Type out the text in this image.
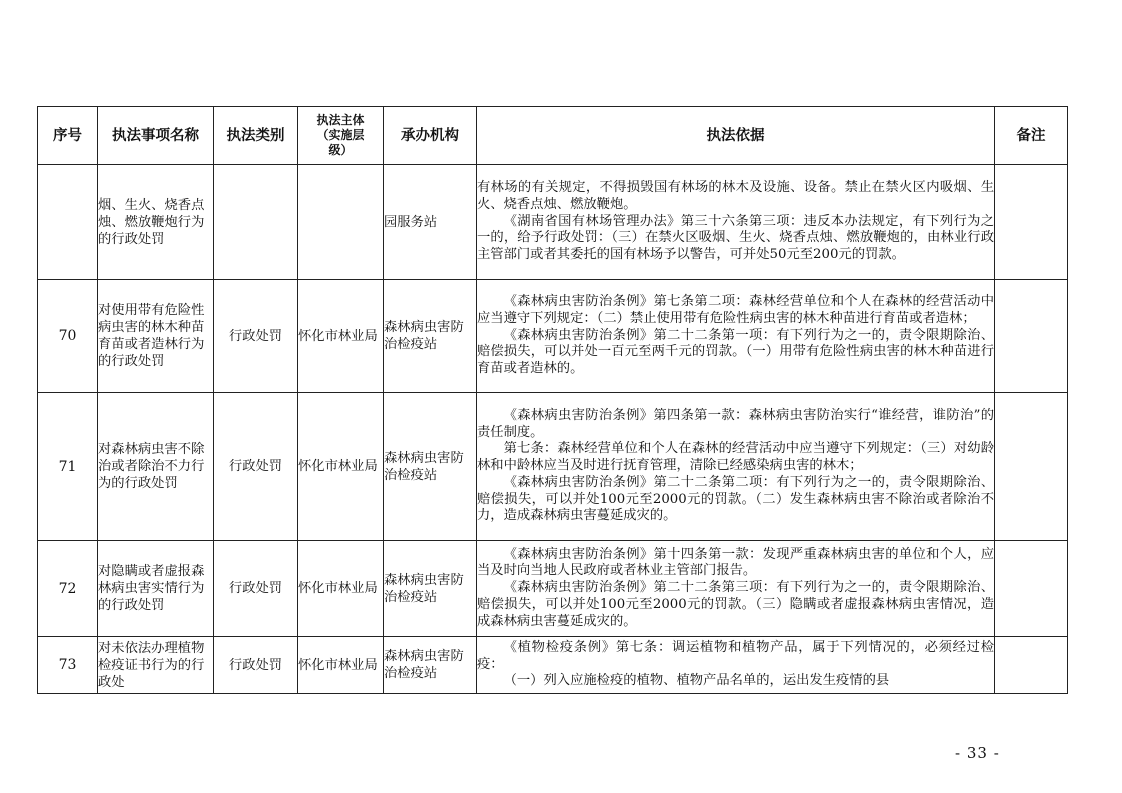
序号	执法事项名称	执法类别	执法主体（实施层级）	承办机构	执法依据	备注
	烟、生火、烧香点烛、燃放鞭炮行为的行政处罚			园服务站	有林场的有关规定，不得损毁国有林场的林木及设施、设备。禁止在禁火区内吸烟、生火、烧香点烛、燃放鞭炮。
《湖南省国有林场管理办法》第三十六条第三项：违反本办法规定，有下列行为之一的，给予行政处罚：（三）在禁火区吸烟、生火、烧香点烛、燃放鞭炮的，由林业行政主管部门或者其委托的国有林场予以警告，可并处50元至200元的罚款。	

70	对使用带有危险性病虫害的林木种苗育苗或者造林行为的行政处罚	行政处罚	怀化市林业局	森林病虫害防治检疫站	《森林病虫害防治条例》第七条第二项：森林经营单位和个人在森林的经营活动中应当遵守下列规定：（二）禁止使用带有危险性病虫害的林木种苗进行育苗或者造林；
《森林病虫害防治条例》第二十二条第一项：有下列行为之一的，责令限期除治、赔偿损失，可以并处一百元至两千元的罚款。（一）用带有危险性病虫害的林木种苗进行育苗或者造林的。	

71	对森林病虫害不除治或者除治不力行为的行政处罚	行政处罚	怀化市林业局	森林病虫害防治检疫站	《森林病虫害防治条例》第四条第一款：森林病虫害防治实行“谁经营，谁防治”的责任制度。
第七条：森林经营单位和个人在森林的经营活动中应当遵守下列规定：（三）对幼龄林和中龄林应当及时进行抚育管理，清除已经感染病虫害的林木；
《森林病虫害防治条例》第二十二条第二项：有下列行为之一的，责令限期除治、赔偿损失，可以并处100元至2000元的罚款。（二）发生森林病虫害不除治或者除治不力，造成森林病虫害蔓延成灾的。	

72	对隐瞒或者虚报森林病虫害实情行为的行政处罚	行政处罚	怀化市林业局	森林病虫害防治检疫站	《森林病虫害防治条例》第十四条第一款：发现严重森林病虫害的单位和个人，应当及时向当地人民政府或者林业主管部门报告。
《森林病虫害防治条例》第二十二条第三项：有下列行为之一的，责令限期除治、赔偿损失，可以并处100元至2000元的罚款。（三）隐瞒或者虚报森林病虫害情况，造成森林病虫害蔓延成灾的。	

73	对未依法办理植物检疫证书行为的行政处	行政处罚	怀化市林业局	森林病虫害防治检疫站	《植物检疫条例》第七条：调运植物和植物产品，属于下列情况的，必须经过检疫：
（一）列入应施检疫的植物、植物产品名单的，运出发生疫情的县	

- 33 -
